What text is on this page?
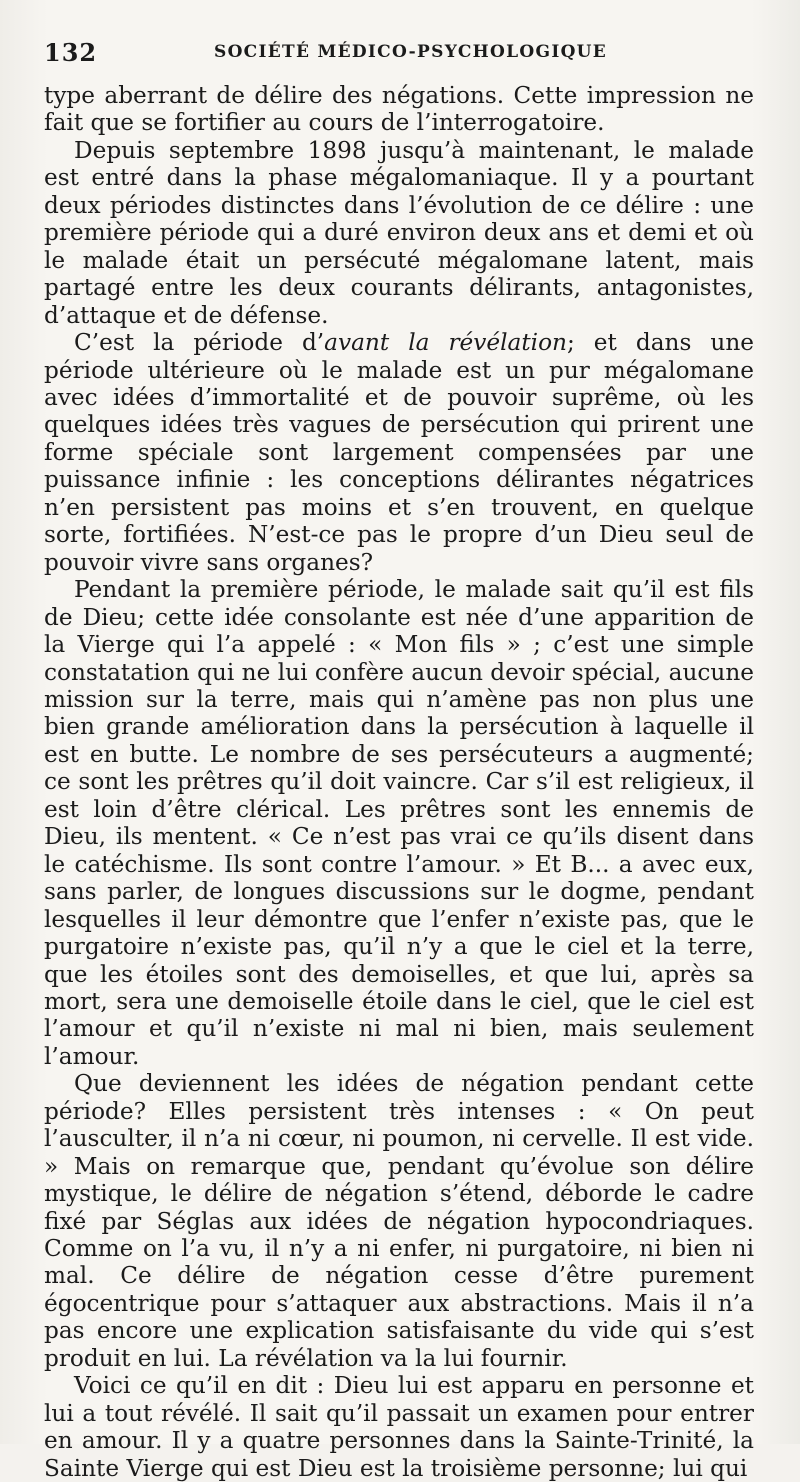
132	SOCIÉTÉ MÉDICO-PSYCHOLOGIQUE

type aberrant de délire des négations. Cette impression ne fait que se fortifier au cours de l’interrogatoire.

Depuis septembre 1898 jusqu’à maintenant, le malade est entré dans la phase mégalomaniaque. Il y a pourtant deux périodes distinctes dans l’évolution de ce délire : une première période qui a duré environ deux ans et demi et où le malade était un persécuté mégalomane latent, mais partagé entre les deux courants délirants, antagonistes, d’attaque et de défense.

C’est la période d’avant la révélation; et dans une période ultérieure où le malade est un pur mégalomane avec idées d’immortalité et de pouvoir suprême, où les quelques idées très vagues de persécution qui prirent une forme spéciale sont largement compensées par une puissance infinie : les conceptions délirantes négatrices n’en persistent pas moins et s’en trouvent, en quelque sorte, fortifiées. N’est-ce pas le propre d’un Dieu seul de pouvoir vivre sans organes?

Pendant la première période, le malade sait qu’il est fils de Dieu; cette idée consolante est née d’une apparition de la Vierge qui l’a appelé : « Mon fils » ; c’est une simple constatation qui ne lui confère aucun devoir spécial, aucune mission sur la terre, mais qui n’amène pas non plus une bien grande amélioration dans la persécution à laquelle il est en butte. Le nombre de ses persécuteurs a augmenté; ce sont les prêtres qu’il doit vaincre. Car s’il est religieux, il est loin d’être clérical. Les prêtres sont les ennemis de Dieu, ils mentent. « Ce n’est pas vrai ce qu’ils disent dans le catéchisme. Ils sont contre l’amour. » Et B... a avec eux, sans parler, de longues discussions sur le dogme, pendant lesquelles il leur démontre que l’enfer n’existe pas, que le purgatoire n’existe pas, qu’il n’y a que le ciel et la terre, que les étoiles sont des demoiselles, et que lui, après sa mort, sera une demoiselle étoile dans le ciel, que le ciel est l’amour et qu’il n’existe ni mal ni bien, mais seulement l’amour.

Que deviennent les idées de négation pendant cette période? Elles persistent très intenses : « On peut l’ausculter, il n’a ni cœur, ni poumon, ni cervelle. Il est vide. » Mais on remarque que, pendant qu’évolue son délire mystique, le délire de négation s’étend, déborde le cadre fixé par Séglas aux idées de négation hypocondriaques. Comme on l’a vu, il n’y a ni enfer, ni purgatoire, ni bien ni mal. Ce délire de négation cesse d’être purement égocentrique pour s’attaquer aux abstractions. Mais il n’a pas encore une explication satisfaisante du vide qui s’est produit en lui. La révélation va la lui fournir.

Voici ce qu’il en dit : Dieu lui est apparu en personne et lui a tout révélé. Il sait qu’il passait un examen pour entrer en amour. Il y a quatre personnes dans la Sainte-Trinité, la Sainte Vierge qui est Dieu est la troisième personne; lui qui
